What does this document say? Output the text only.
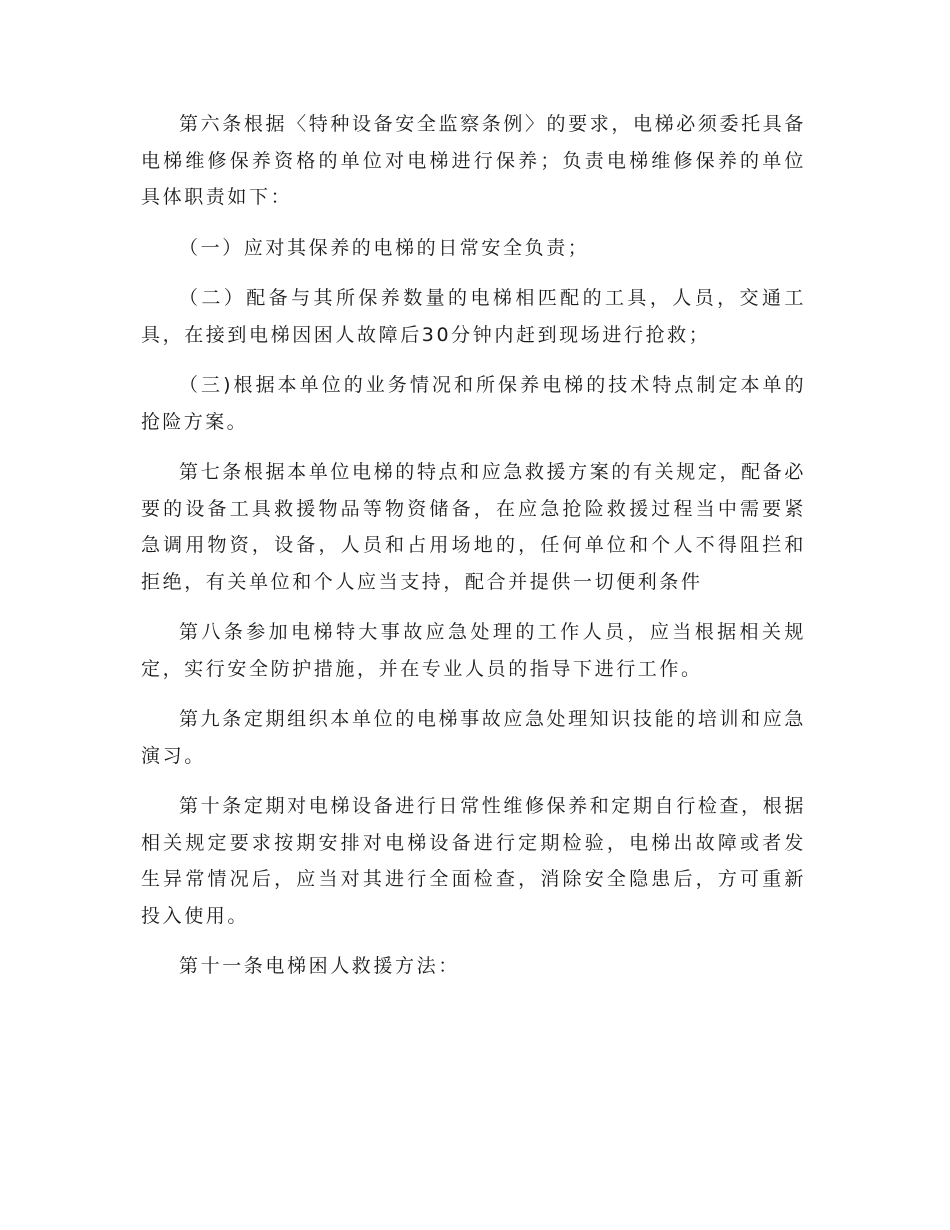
第六条根据〈特种设备安全监察条例〉的要求，电梯必须委托具备电梯维修保养资格的单位对电梯进行保养；负责电梯维修保养的单位具体职责如下：

（一）应对其保养的电梯的日常安全负责；

（二）配备与其所保养数量的电梯相匹配的工具，人员，交通工具，在接到电梯因困人故障后30分钟内赶到现场进行抢救；

（三)根据本单位的业务情况和所保养电梯的技术特点制定本单的抢险方案。

第七条根据本单位电梯的特点和应急救援方案的有关规定，配备必要的设备工具救援物品等物资储备，在应急抢险救援过程当中需要紧急调用物资，设备，人员和占用场地的，任何单位和个人不得阻拦和拒绝，有关单位和个人应当支持，配合并提供一切便利条件

第八条参加电梯特大事故应急处理的工作人员，应当根据相关规定，实行安全防护措施，并在专业人员的指导下进行工作。

第九条定期组织本单位的电梯事故应急处理知识技能的培训和应急演习。

第十条定期对电梯设备进行日常性维修保养和定期自行检查，根据相关规定要求按期安排对电梯设备进行定期检验，电梯出故障或者发生异常情况后，应当对其进行全面检查，消除安全隐患后，方可重新投入使用。

第十一条电梯困人救援方法：
